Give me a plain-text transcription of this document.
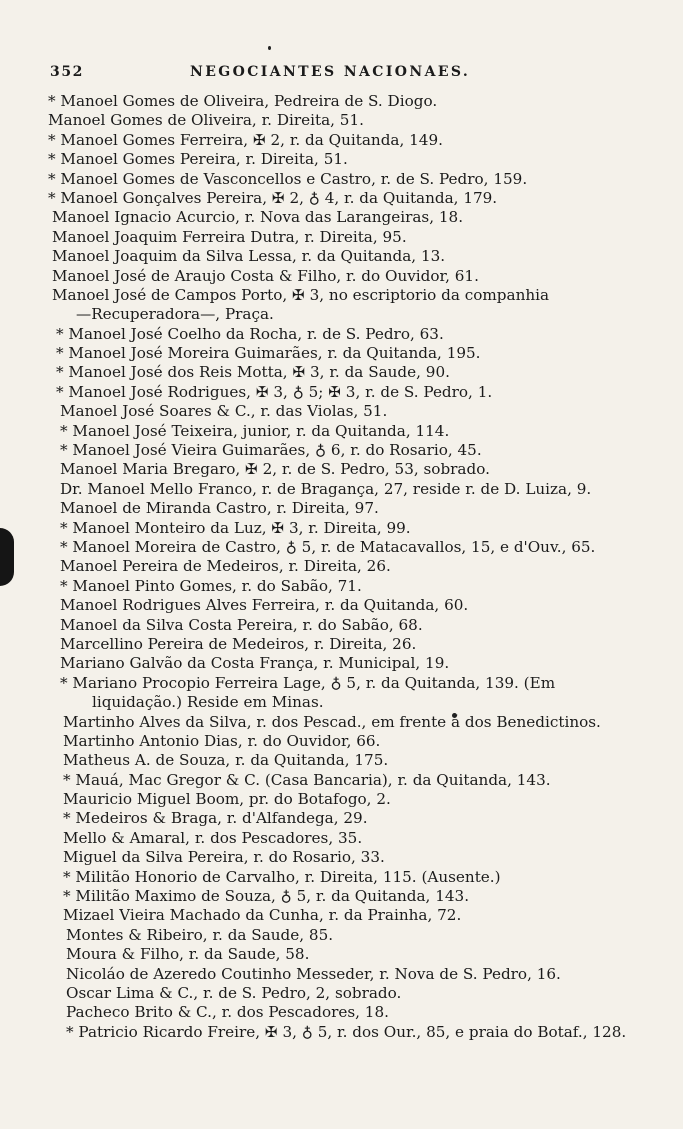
352	NEGOCIANTES NACIONAES.
* Manoel Gomes de Oliveira, Pedreira de S. Diogo.
Manoel Gomes de Oliveira, r. Direita, 51.
* Manoel Gomes Ferreira, ✠ 2, r. da Quitanda, 149.
* Manoel Gomes Pereira, r. Direita, 51.
* Manoel Gomes de Vasconcellos e Castro, r. de S. Pedro, 159.
* Manoel Gonçalves Pereira, ✠ 2, ♁ 4, r. da Quitanda, 179.
Manoel Ignacio Acurcio, r. Nova das Larangeiras, 18.
Manoel Joaquim Ferreira Dutra, r. Direita, 95.
Manoel Joaquim da Silva Lessa, r. da Quitanda, 13.
Manoel José de Araujo Costa & Filho, r. do Ouvidor, 61.
Manoel José de Campos Porto, ✠ 3, no escriptorio da companhia
—Recuperadora—, Praça.
* Manoel José Coelho da Rocha, r. de S. Pedro, 63.
* Manoel José Moreira Guimarães, r. da Quitanda, 195.
* Manoel José dos Reis Motta, ✠ 3, r. da Saude, 90.
* Manoel José Rodrigues, ✠ 3, ♁ 5; ✠ 3, r. de S. Pedro, 1.
Manoel José Soares & C., r. das Violas, 51.
* Manoel José Teixeira, junior, r. da Quitanda, 114.
* Manoel José Vieira Guimarães, ♁ 6, r. do Rosario, 45.
Manoel Maria Bregaro, ✠ 2, r. de S. Pedro, 53, sobrado.
Dr. Manoel Mello Franco, r. de Bragança, 27, reside r. de D. Luiza, 9.
Manoel de Miranda Castro, r. Direita, 97.
* Manoel Monteiro da Luz, ✠ 3, r. Direita, 99.
* Manoel Moreira de Castro, ♁ 5, r. de Matacavallos, 15, e d'Ouv., 65.
Manoel Pereira de Medeiros, r. Direita, 26.
* Manoel Pinto Gomes, r. do Sabão, 71.
Manoel Rodrigues Alves Ferreira, r. da Quitanda, 60.
Manoel da Silva Costa Pereira, r. do Sabão, 68.
Marcellino Pereira de Medeiros, r. Direita, 26.
Mariano Galvão da Costa França, r. Municipal, 19.
* Mariano Procopio Ferreira Lage, ♁ 5, r. da Quitanda, 139. (Em
liquidação.) Reside em Minas.
Martinho Alves da Silva, r. dos Pescad., em frente á dos Benedictinos.
Martinho Antonio Dias, r. do Ouvidor, 66.
Matheus A. de Souza, r. da Quitanda, 175.
* Mauá, Mac Gregor & C. (Casa Bancaria), r. da Quitanda, 143.
Mauricio Miguel Boom, pr. do Botafogo, 2.
* Medeiros & Braga, r. d'Alfandega, 29.
Mello & Amaral, r. dos Pescadores, 35.
Miguel da Silva Pereira, r. do Rosario, 33.
* Militão Honorio de Carvalho, r. Direita, 115. (Ausente.)
* Militão Maximo de Souza, ♁ 5, r. da Quitanda, 143.
Mizael Vieira Machado da Cunha, r. da Prainha, 72.
Montes & Ribeiro, r. da Saude, 85.
Moura & Filho, r. da Saude, 58.
Nicoláo de Azeredo Coutinho Messeder, r. Nova de S. Pedro, 16.
Oscar Lima & C., r. de S. Pedro, 2, sobrado.
Pacheco Brito & C., r. dos Pescadores, 18.
* Patricio Ricardo Freire, ✠ 3, ♁ 5, r. dos Our., 85, e praia do Botaf., 128.
